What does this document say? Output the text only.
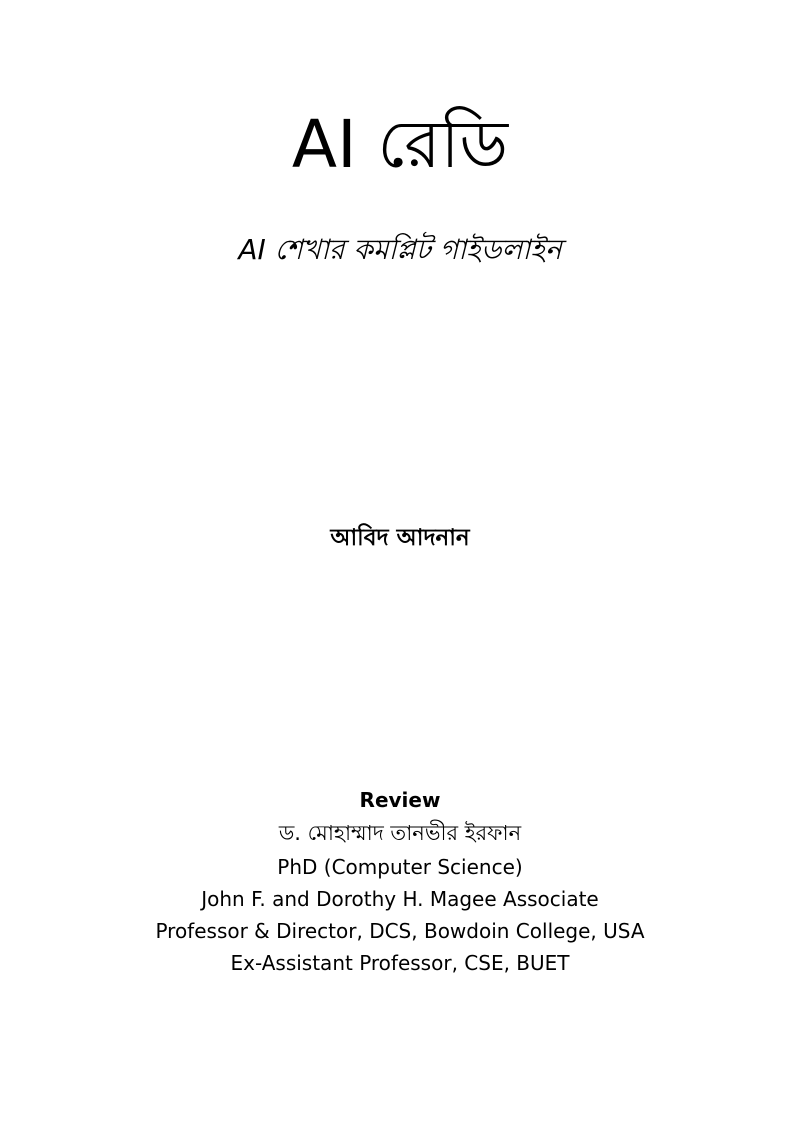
AI রেডি
AI শেখার কমপ্লিট গাইডলাইন
আবিদ আদনান
Review
ড. মোহাম্মাদ তানভীর ইরফান
PhD (Computer Science)
John F. and Dorothy H. Magee Associate
Professor & Director, DCS, Bowdoin College, USA
Ex-Assistant Professor, CSE, BUET
